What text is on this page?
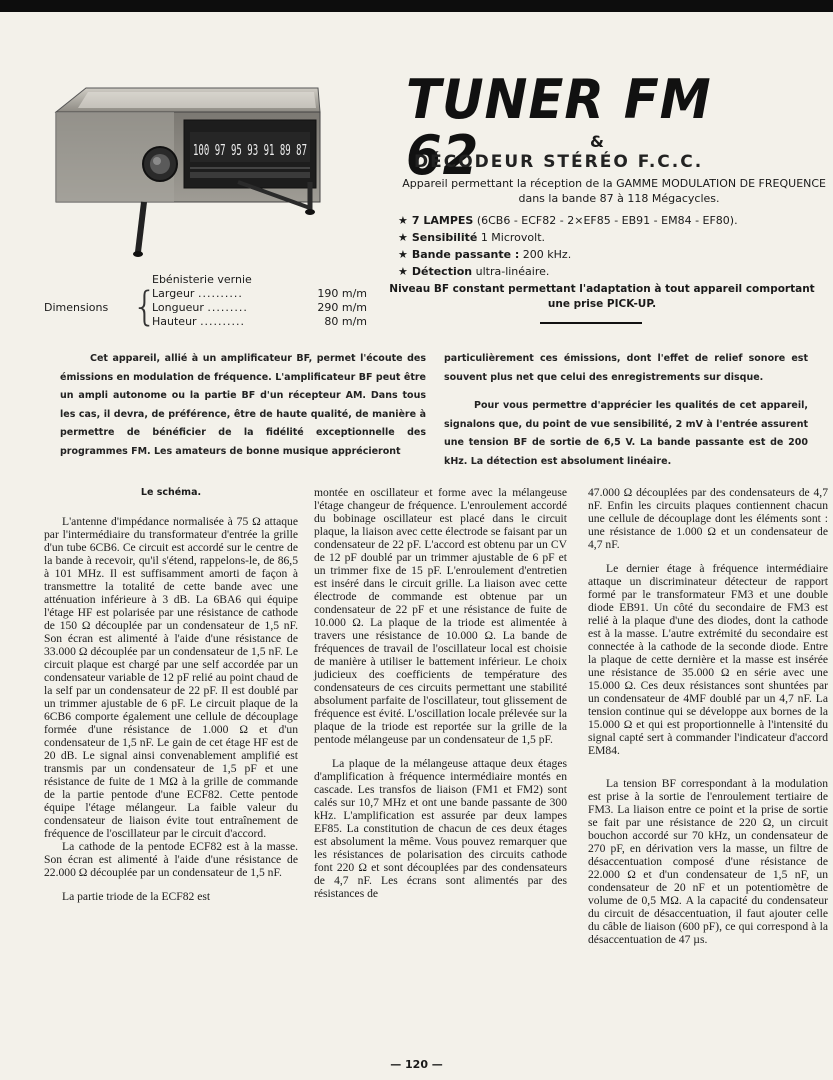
100 97 95 93 91 89 87
TUNER FM 62	&
DÉCODEUR STÉRÉO F.C.C.
Appareil permettant la réception de la GAMME MODULATION DE FREQUENCE
dans la bande 87 à 118 Mégacycles.
★ 7 LAMPES (6CB6 - ECF82 - 2×EF85 - EB91 - EM84 - EF80).
★ Sensibilité 1 Microvolt.
★ Bande passante : 200 kHz.
★ Détection ultra-linéaire.
Niveau BF constant permettant l'adaptation à tout appareil comportant
une prise PICK-UP.
Ebénisterie vernie
Dimensions {
Largeur ..........	190 m/m
Longueur .........	290 m/m
Hauteur ..........	80 m/m

Cet appareil, allié à un amplificateur BF, permet l'écoute des émissions en modulation de fréquence. L'amplificateur BF peut être un ampli autonome ou la partie BF d'un récepteur AM. Dans tous les cas, il devra, de préférence, être de haute qualité, de manière à permettre de bénéficier de la fidélité exceptionnelle des programmes FM. Les amateurs de bonne musique apprécieront

particulièrement ces émissions, dont l'effet de relief sonore est souvent plus net que celui des enregistrements sur disque.

Pour vous permettre d'apprécier les qualités de cet appareil, signalons que, du point de vue sensibilité, 2 mV à l'entrée assurent une tension BF de sortie de 6,5 V. La bande passante est de 200 kHz. La détection est absolument linéaire.

Le schéma.

L'antenne d'impédance normalisée à 75 Ω attaque par l'intermédiaire du transformateur d'entrée la grille d'un tube 6CB6. Ce circuit est accordé sur le centre de la bande à recevoir, qu'il s'étend, rappelons-le, de 86,5 à 101 MHz. Il est suffisamment amorti de façon à transmettre la totalité de cette bande avec une atténuation inférieure à 3 dB. La 6BA6 qui équipe l'étage HF est polarisée par une résistance de cathode de 150 Ω découplée par un condensateur de 1,5 nF. Son écran est alimenté à l'aide d'une résistance de 33.000 Ω découplée par un condensateur de 1,5 nF. Le circuit plaque est chargé par une self accordée par un condensateur variable de 12 pF relié au point chaud de la self par un condensateur de 22 pF. Il est doublé par un trimmer ajustable de 6 pF. Le circuit plaque de la 6CB6 comporte également une cellule de découplage formée d'une résistance de 1.000 Ω et d'un condensateur de 1,5 nF. Le gain de cet étage HF est de 20 dB. Le signal ainsi convenablement amplifié est transmis par un condensateur de 1,5 pF et une résistance de fuite de 1 MΩ à la grille de commande de la partie pentode d'une ECF82. Cette pentode équipe l'étage mélangeur. La faible valeur du condensateur de liaison évite tout entraînement de fréquence de l'oscillateur par le circuit d'accord.

La cathode de la pentode ECF82 est à la masse. Son écran est alimenté à l'aide d'une résistance de 22.000 Ω découplée par un condensateur de 1,5 nF.

La partie triode de la ECF82 est

montée en oscillateur et forme avec la mélangeuse l'étage changeur de fréquence. L'enroulement accordé du bobinage oscillateur est placé dans le circuit plaque, la liaison avec cette électrode se faisant par un condensateur de 22 pF. L'accord est obtenu par un CV de 12 pF doublé par un trimmer ajustable de 6 pF et un trimmer fixe de 15 pF. L'enroulement d'entretien est inséré dans le circuit grille. La liaison avec cette électrode de commande est obtenue par un condensateur de 22 pF et une résistance de fuite de 10.000 Ω. La plaque de la triode est alimentée à travers une résistance de 10.000 Ω. La bande de fréquences de travail de l'oscillateur local est choisie de manière à utiliser le battement inférieur. Le choix judicieux des coefficients de température des condensateurs de ces circuits permettant une stabilité absolument parfaite de l'oscillateur, tout glissement de fréquence est évité. L'oscillation locale prélevée sur la plaque de la triode est reportée sur la grille de la pentode mélangeuse par un condensateur de 1,5 pF.

La plaque de la mélangeuse attaque deux étages d'amplification à fréquence intermédiaire montés en cascade. Les transfos de liaison (FM1 et FM2) sont calés sur 10,7 MHz et ont une bande passante de 300 kHz. L'amplification est assurée par deux lampes EF85. La constitution de chacun de ces deux étages est absolument la même. Vous pouvez remarquer que les résistances de polarisation des circuits cathode font 220 Ω et sont découplées par des condensateurs de 4,7 nF. Les écrans sont alimentés par des résistances de

47.000 Ω découplées par des condensateurs de 4,7 nF. Enfin les circuits plaques contiennent chacun une cellule de découplage dont les éléments sont : une résistance de 1.000 Ω et un condensateur de 4,7 nF.

Le dernier étage à fréquence intermédiaire attaque un discriminateur détecteur de rapport formé par le transformateur FM3 et une double diode EB91. Un côté du secondaire de FM3 est relié à la plaque d'une des diodes, dont la cathode est à la masse. L'autre extrémité du secondaire est connectée à la cathode de la seconde diode. Entre la plaque de cette dernière et la masse est insérée une résistance de 35.000 Ω en série avec une 15.000 Ω. Ces deux résistances sont shuntées par un condensateur de 4MF doublé par un 4,7 nF. La tension continue qui se développe aux bornes de la 15.000 Ω et qui est proportionnelle à l'intensité du signal capté sert à commander l'indicateur d'accord EM84.

La tension BF correspondant à la modulation est prise à la sortie de l'enroulement tertiaire de FM3. La liaison entre ce point et la prise de sortie se fait par une résistance de 220 Ω, un circuit bouchon accordé sur 70 kHz, un condensateur de 270 pF, en dérivation vers la masse, un filtre de désaccentuation composé d'une résistance de 22.000 Ω et d'un condensateur de 1,5 nF, un condensateur de 20 nF et un potentiomètre de volume de 0,5 MΩ. A la capacité du condensateur du circuit de désaccentuation, il faut ajouter celle du câble de liaison (600 pF), ce qui correspond à la désaccentuation de 47 µs.

— 120 —
